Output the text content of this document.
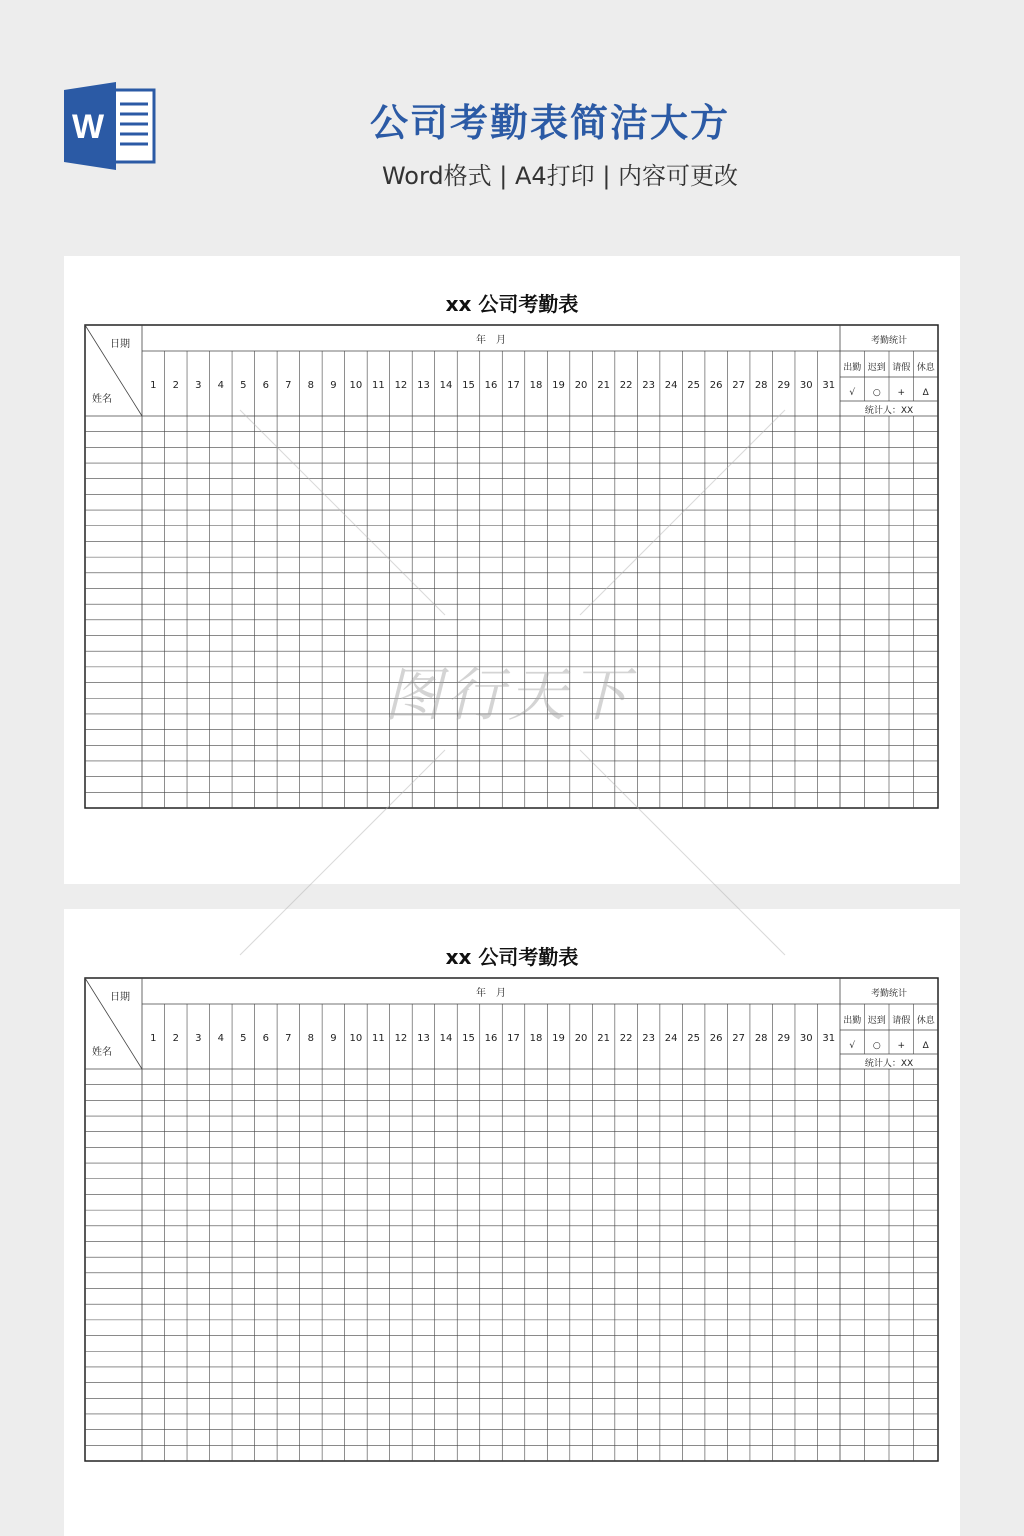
W	公司考勤表简洁大方
Word格式 | A4打印 | 内容可更改
xx 公司考勤表
日期
姓名
年　月
1 2 3 4 5 6 7 8 9 10 11 12 13 14 15 16 17 18 19 20 21 22 23 24 25 26 27 28 29 30 31
考勤统计
出勤 迟到 请假 休息
√ ○ + Δ
统计人：XX
xx 公司考勤表
日期
姓名
年　月
1 2 3 4 5 6 7 8 9 10 11 12 13 14 15 16 17 18 19 20 21 22 23 24 25 26 27 28 29 30 31
考勤统计
出勤 迟到 请假 休息
√ ○ + Δ
统计人：XX
图行天下
